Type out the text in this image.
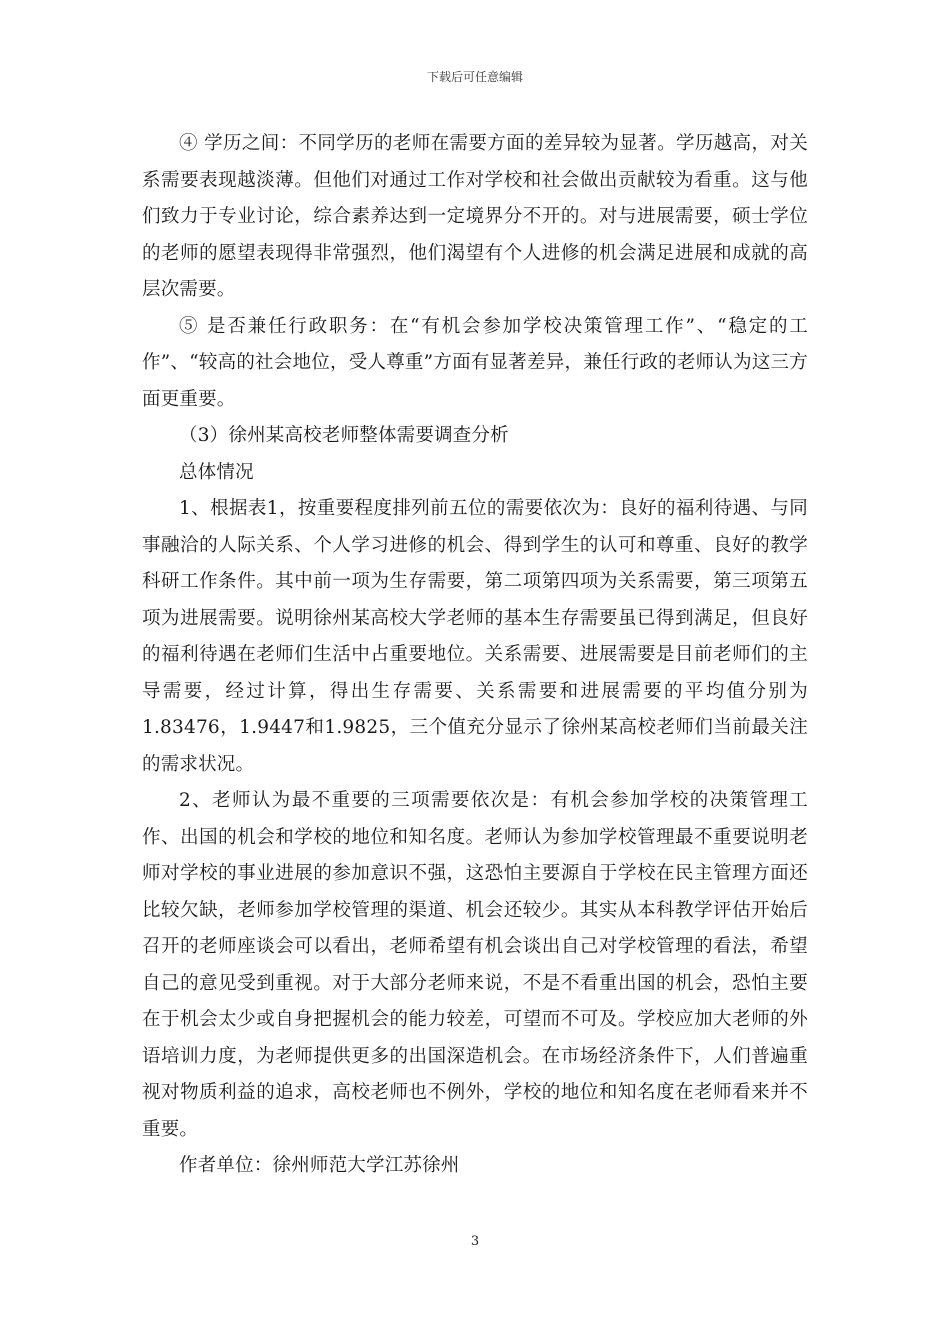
下载后可任意编辑

④ 学历之间：不同学历的老师在需要方面的差异较为显著。学历越高，对关系需要表现越淡薄。但他们对通过工作对学校和社会做出贡献较为看重。这与他们致力于专业讨论，综合素养达到一定境界分不开的。对与进展需要，硕士学位的老师的愿望表现得非常强烈，他们渴望有个人进修的机会满足进展和成就的高层次需要。

⑤ 是否兼任行政职务：在“有机会参加学校决策管理工作”、“稳定的工作”、“较高的社会地位，受人尊重”方面有显著差异，兼任行政的老师认为这三方面更重要。

（3）徐州某高校老师整体需要调查分析

总体情况

1、根据表1，按重要程度排列前五位的需要依次为：良好的福利待遇、与同事融洽的人际关系、个人学习进修的机会、得到学生的认可和尊重、良好的教学科研工作条件。其中前一项为生存需要，第二项第四项为关系需要，第三项第五项为进展需要。说明徐州某高校大学老师的基本生存需要虽已得到满足，但良好的福利待遇在老师们生活中占重要地位。关系需要、进展需要是目前老师们的主导需要，经过计算，得出生存需要、关系需要和进展需要的平均值分别为1.83476，1.9447和1.9825，三个值充分显示了徐州某高校老师们当前最关注的需求状况。

2、老师认为最不重要的三项需要依次是：有机会参加学校的决策管理工作、出国的机会和学校的地位和知名度。老师认为参加学校管理最不重要说明老师对学校的事业进展的参加意识不强，这恐怕主要源自于学校在民主管理方面还比较欠缺，老师参加学校管理的渠道、机会还较少。其实从本科教学评估开始后召开的老师座谈会可以看出，老师希望有机会谈出自己对学校管理的看法，希望自己的意见受到重视。对于大部分老师来说，不是不看重出国的机会，恐怕主要在于机会太少或自身把握机会的能力较差，可望而不可及。学校应加大老师的外语培训力度，为老师提供更多的出国深造机会。在市场经济条件下，人们普遍重视对物质利益的追求，高校老师也不例外，学校的地位和知名度在老师看来并不重要。

作者单位：徐州师范大学江苏徐州

3
